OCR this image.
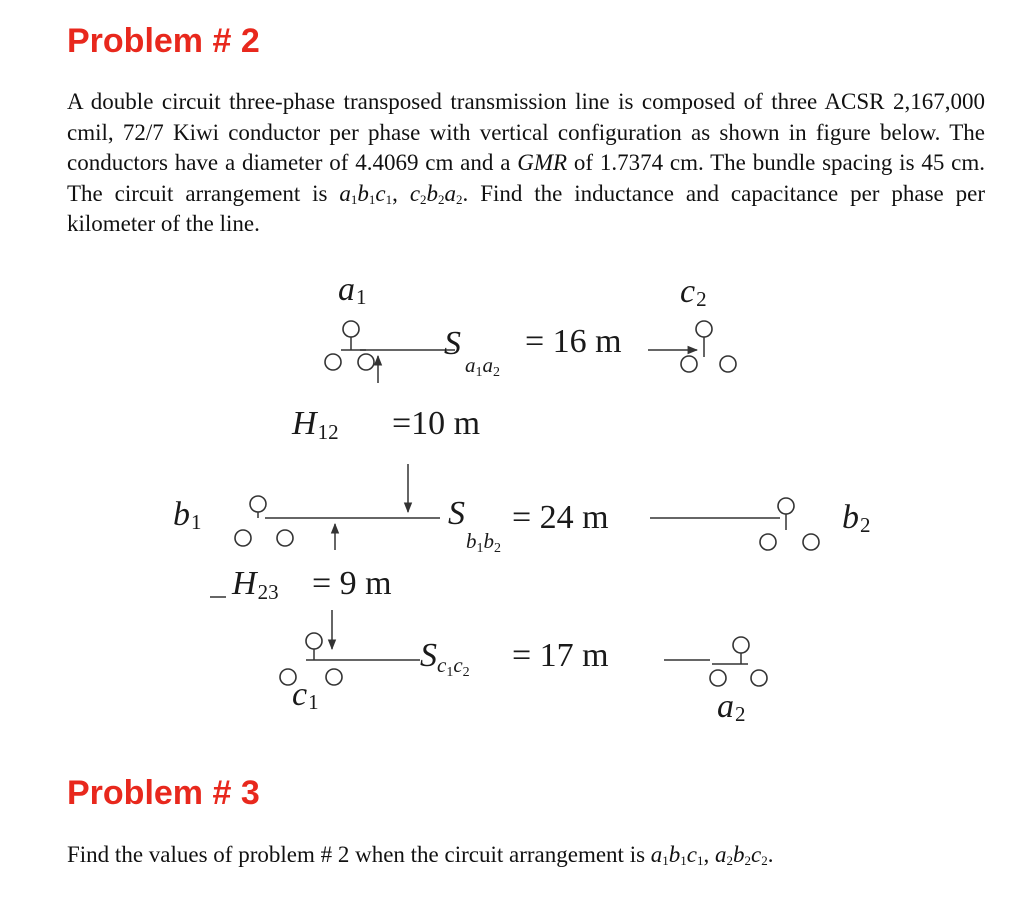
Problem # 2

A double circuit three-phase transposed transmission line is composed of three ACSR 2,167,000 cmil, 72/7 Kiwi conductor per phase with vertical configuration as shown in figure below. The conductors have a diameter of 4.4069 cm and a GMR of 1.7374 cm. The bundle spacing is 45 cm. The circuit arrangement is $a_1b_1c_1$, $c_2b_2a_2$. Find the inductance and capacitance per phase per kilometer of the line.

a1	c2
b1	b2
c1	a2
S
a1a2
= 16 m
H12 =10 m
S
b1b2
= 24 m
H23 = 9 m
Sc1c2 = 17 m
Problem # 3

Find the values of problem # 2 when the circuit arrangement is $a_1b_1c_1$, $a_2b_2c_2$.
